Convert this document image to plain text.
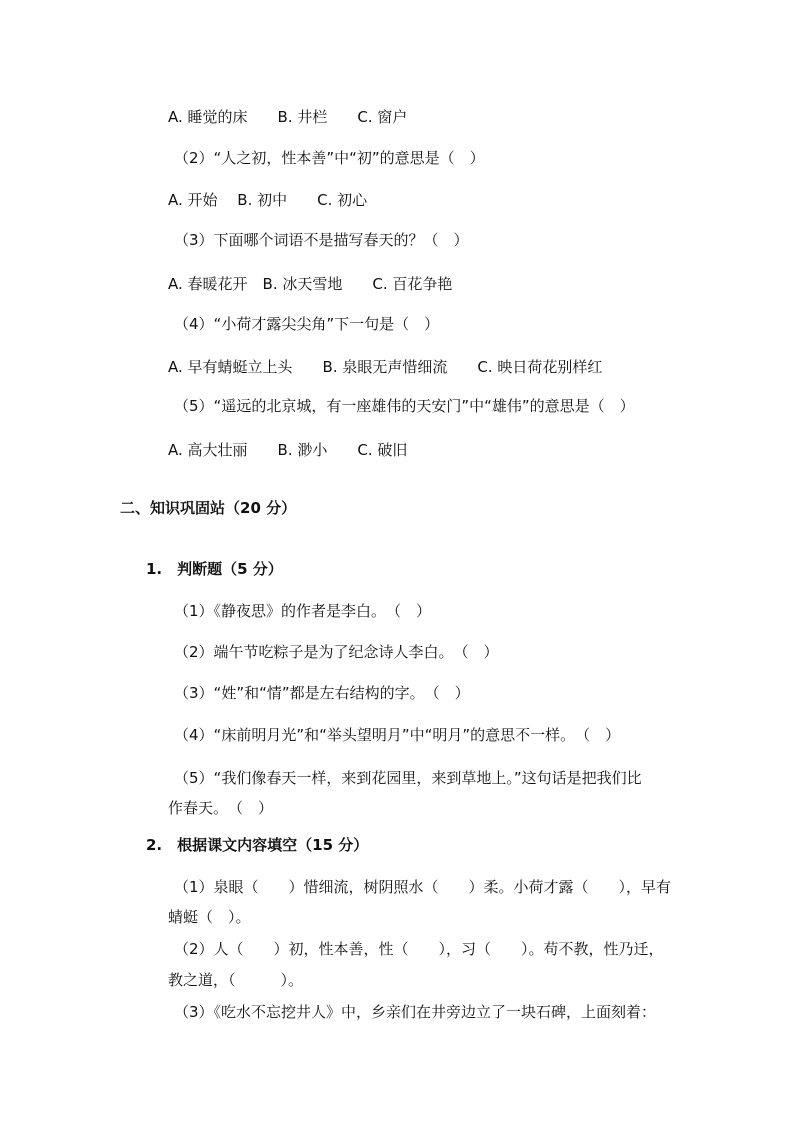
A. 睡觉的床　　B. 井栏　　C. 窗户
（2）“人之初，性本善”中“初”的意思是（　）
A. 开始　 B. 初中　　C. 初心
（3）下面哪个词语不是描写春天的？（　）
A. 春暖花开　B. 冰天雪地　　C. 百花争艳
（4）“小荷才露尖尖角”下一句是（　）
A. 早有蜻蜓立上头　　B. 泉眼无声惜细流　　C. 映日荷花别样红
（5）“遥远的北京城，有一座雄伟的天安门”中“雄伟”的意思是（　）
A. 高大壮丽　　B. 渺小　　C. 破旧
二、知识巩固站（20 分）
1.　判断题（5 分）
（1）《静夜思》的作者是李白。　（　）
（2）端午节吃粽子是为了纪念诗人李白。　（　）
（3）“姓”和“情”都是左右结构的字。　（　）
（4）“床前明月光”和“举头望明月”中“明月”的意思不一样。　（　）
（5）“我们像春天一样，来到花园里，来到草地上。”这句话是把我们比
作春天。　（　）
2.　根据课文内容填空（15 分）
（1）泉眼（　　）惜细流，树阴照水（　　）柔。小荷才露（　　），早有
蜻蜓（　）。
（2）人（　　）初，性本善，性（　　），习（　　）。苟不教，性乃迁，
教之道，（　　　）。
（3）《吃水不忘挖井人》中，乡亲们在井旁边立了一块石碑，上面刻着：
